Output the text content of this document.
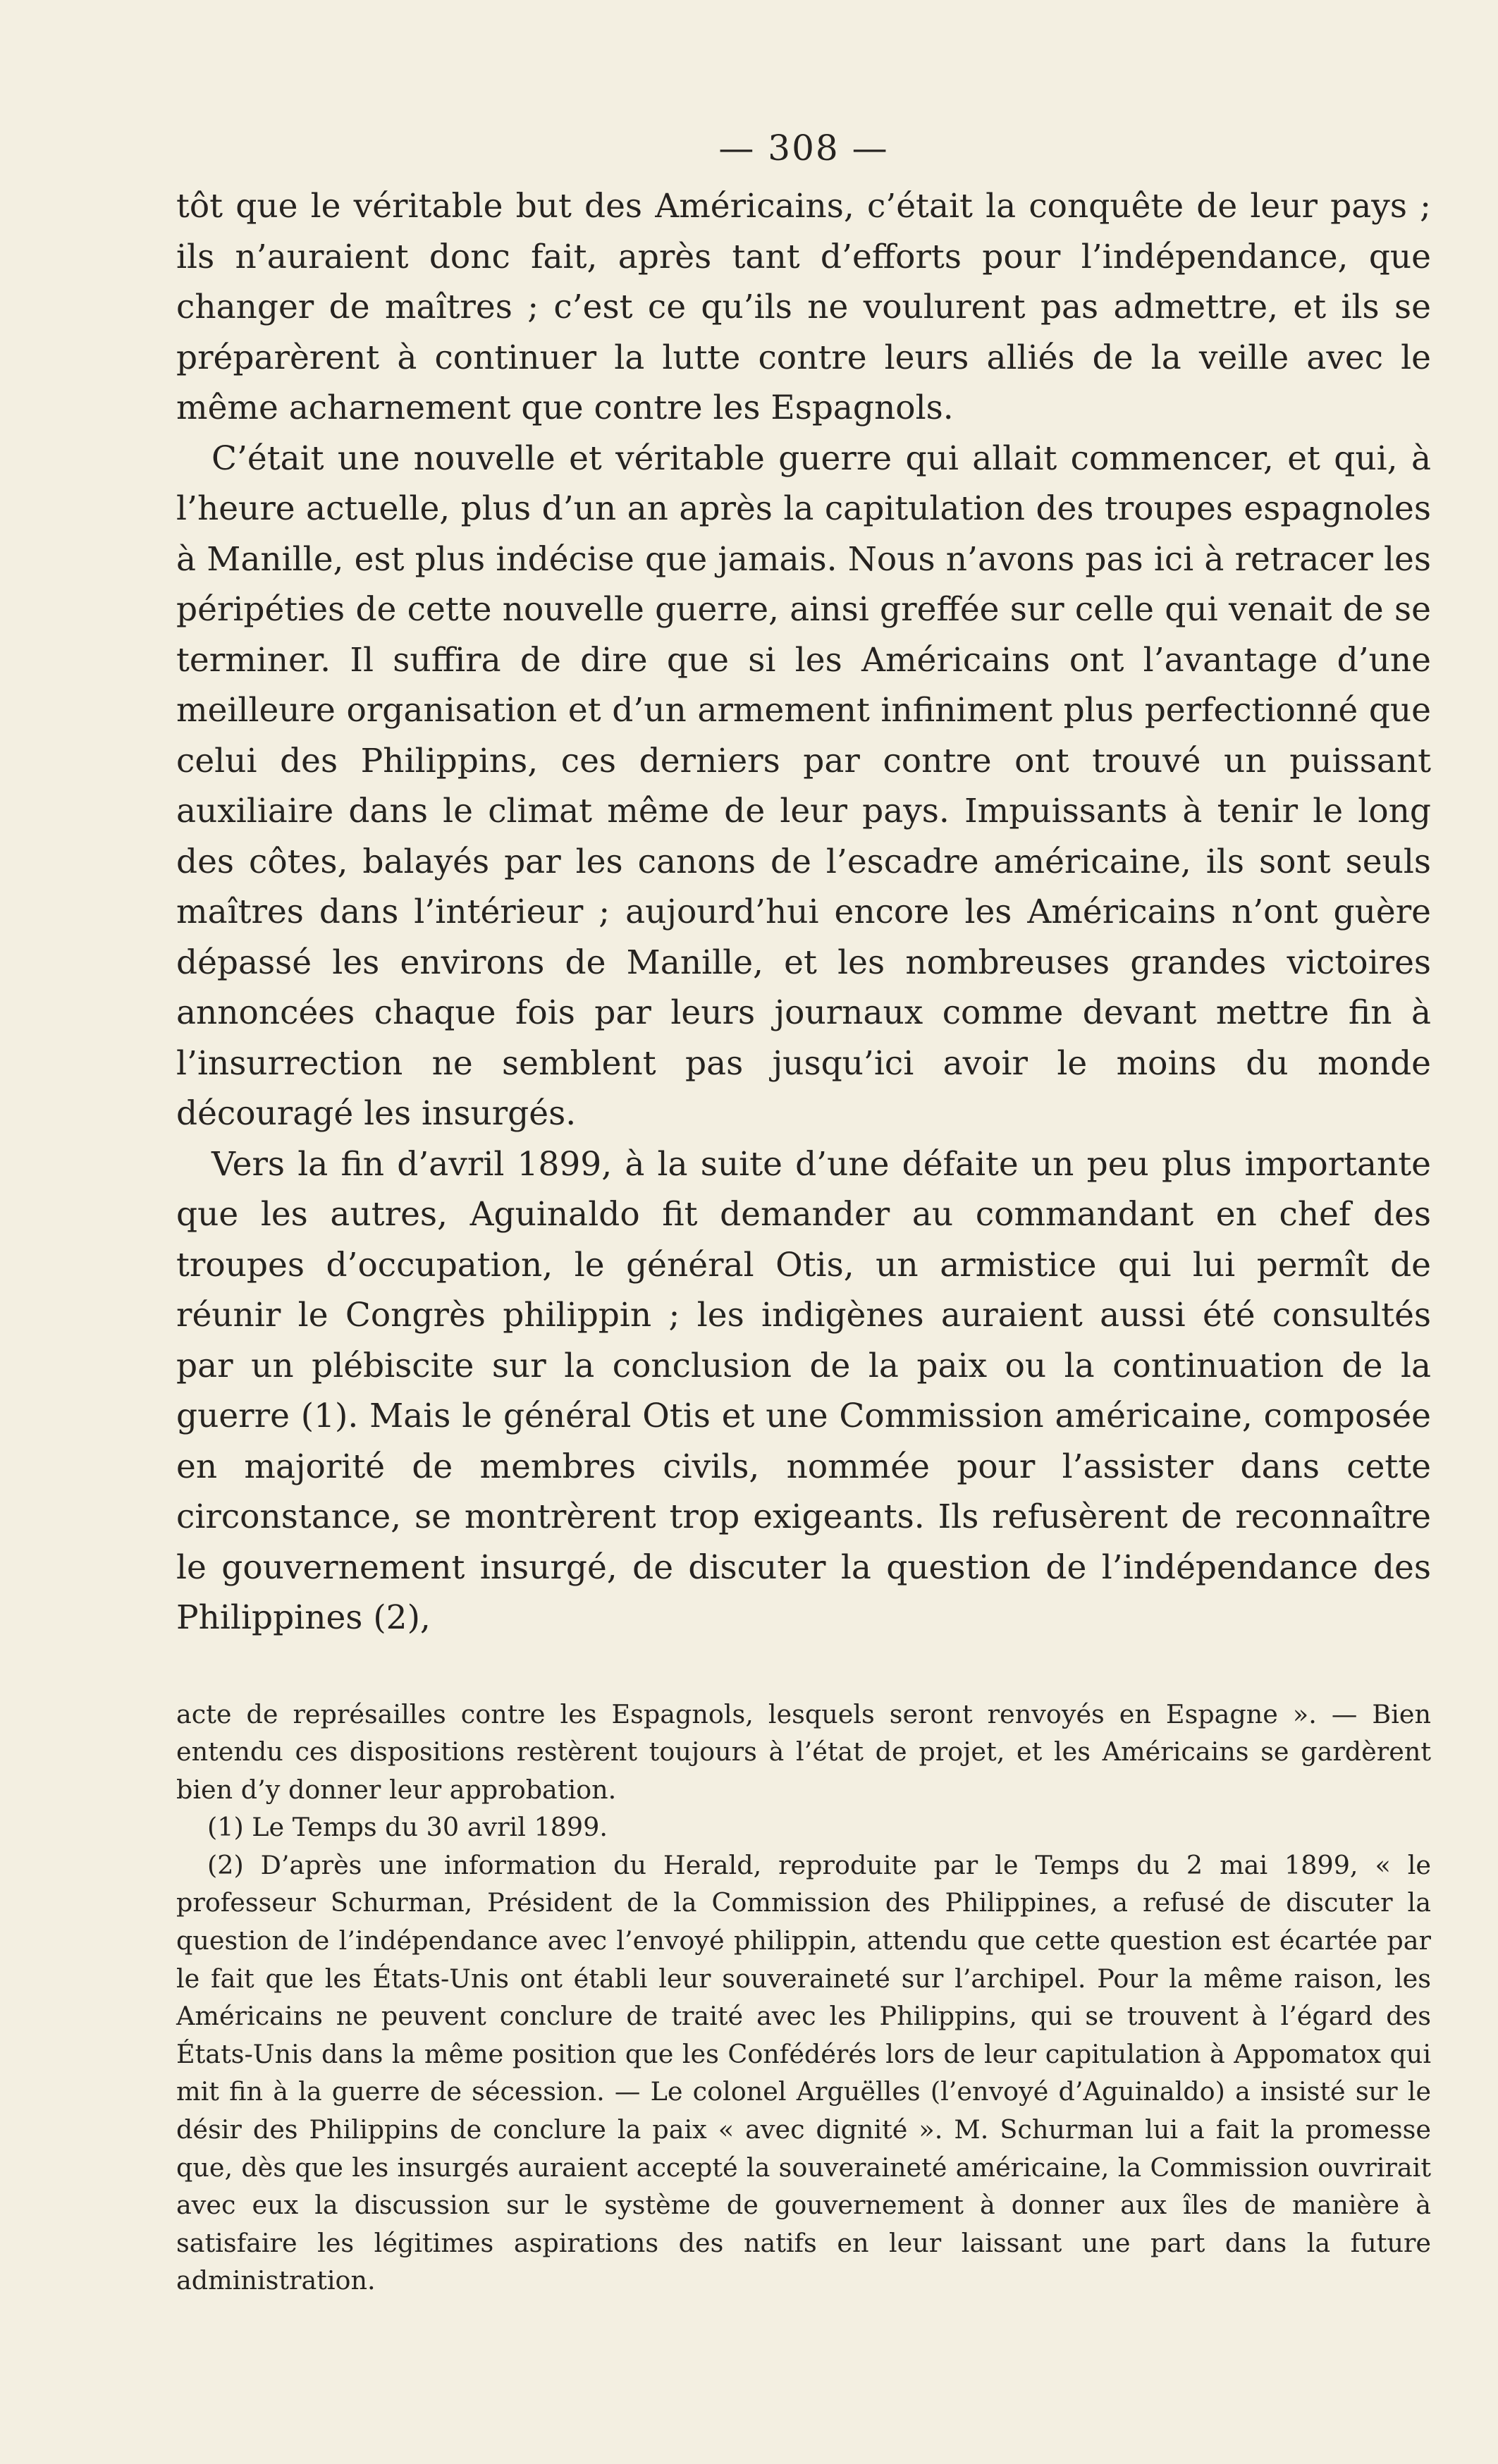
— 308 —

tôt que le véritable but des Américains, c’était la conquête de leur pays ; ils n’auraient donc fait, après tant d’efforts pour l’indépendance, que changer de maîtres ; c’est ce qu’ils ne voulurent pas admettre, et ils se préparèrent à continuer la lutte contre leurs alliés de la veille avec le même acharnement que contre les Espagnols.

C’était une nouvelle et véritable guerre qui allait commencer, et qui, à l’heure actuelle, plus d’un an après la capitulation des troupes espagnoles à Manille, est plus indécise que jamais. Nous n’avons pas ici à retracer les péripéties de cette nouvelle guerre, ainsi greffée sur celle qui venait de se terminer. Il suffira de dire que si les Américains ont l’avantage d’une meilleure organisation et d’un armement infiniment plus perfectionné que celui des Philippins, ces derniers par contre ont trouvé un puissant auxiliaire dans le climat même de leur pays. Impuissants à tenir le long des côtes, balayés par les canons de l’escadre américaine, ils sont seuls maîtres dans l’intérieur ; aujourd’hui encore les Américains n’ont guère dépassé les environs de Manille, et les nombreuses grandes victoires annoncées chaque fois par leurs journaux comme devant mettre fin à l’insurrection ne semblent pas jusqu’ici avoir le moins du monde découragé les insurgés.

Vers la fin d’avril 1899, à la suite d’une défaite un peu plus importante que les autres, Aguinaldo fit demander au commandant en chef des troupes d’occupation, le général Otis, un armistice qui lui permît de réunir le Congrès philippin ; les indigènes auraient aussi été consultés par un plébiscite sur la conclusion de la paix ou la continuation de la guerre (1). Mais le général Otis et une Commission américaine, composée en majorité de membres civils, nommée pour l’assister dans cette circonstance, se montrèrent trop exigeants. Ils refusèrent de reconnaître le gouvernement insurgé, de discuter la question de l’indépendance des Philippines (2),

acte de représailles contre les Espagnols, lesquels seront renvoyés en Espagne ». — Bien entendu ces dispositions restèrent toujours à l’état de projet, et les Américains se gardèrent bien d’y donner leur approbation.

(1) Le Temps du 30 avril 1899.

(2) D’après une information du Herald, reproduite par le Temps du 2 mai 1899, « le professeur Schurman, Président de la Commission des Philippines, a refusé de discuter la question de l’indépendance avec l’envoyé philippin, attendu que cette question est écartée par le fait que les États-Unis ont établi leur souveraineté sur l’archipel. Pour la même raison, les Américains ne peuvent conclure de traité avec les Philippins, qui se trouvent à l’égard des États-Unis dans la même position que les Confédérés lors de leur capitulation à Appomatox qui mit fin à la guerre de sécession. — Le colonel Arguëlles (l’envoyé d’Aguinaldo) a insisté sur le désir des Philippins de conclure la paix « avec dignité ». M. Schurman lui a fait la promesse que, dès que les insurgés auraient accepté la souveraineté américaine, la Commission ouvrirait avec eux la discussion sur le système de gouvernement à donner aux îles de manière à satisfaire les légitimes aspirations des natifs en leur laissant une part dans la future administration.
